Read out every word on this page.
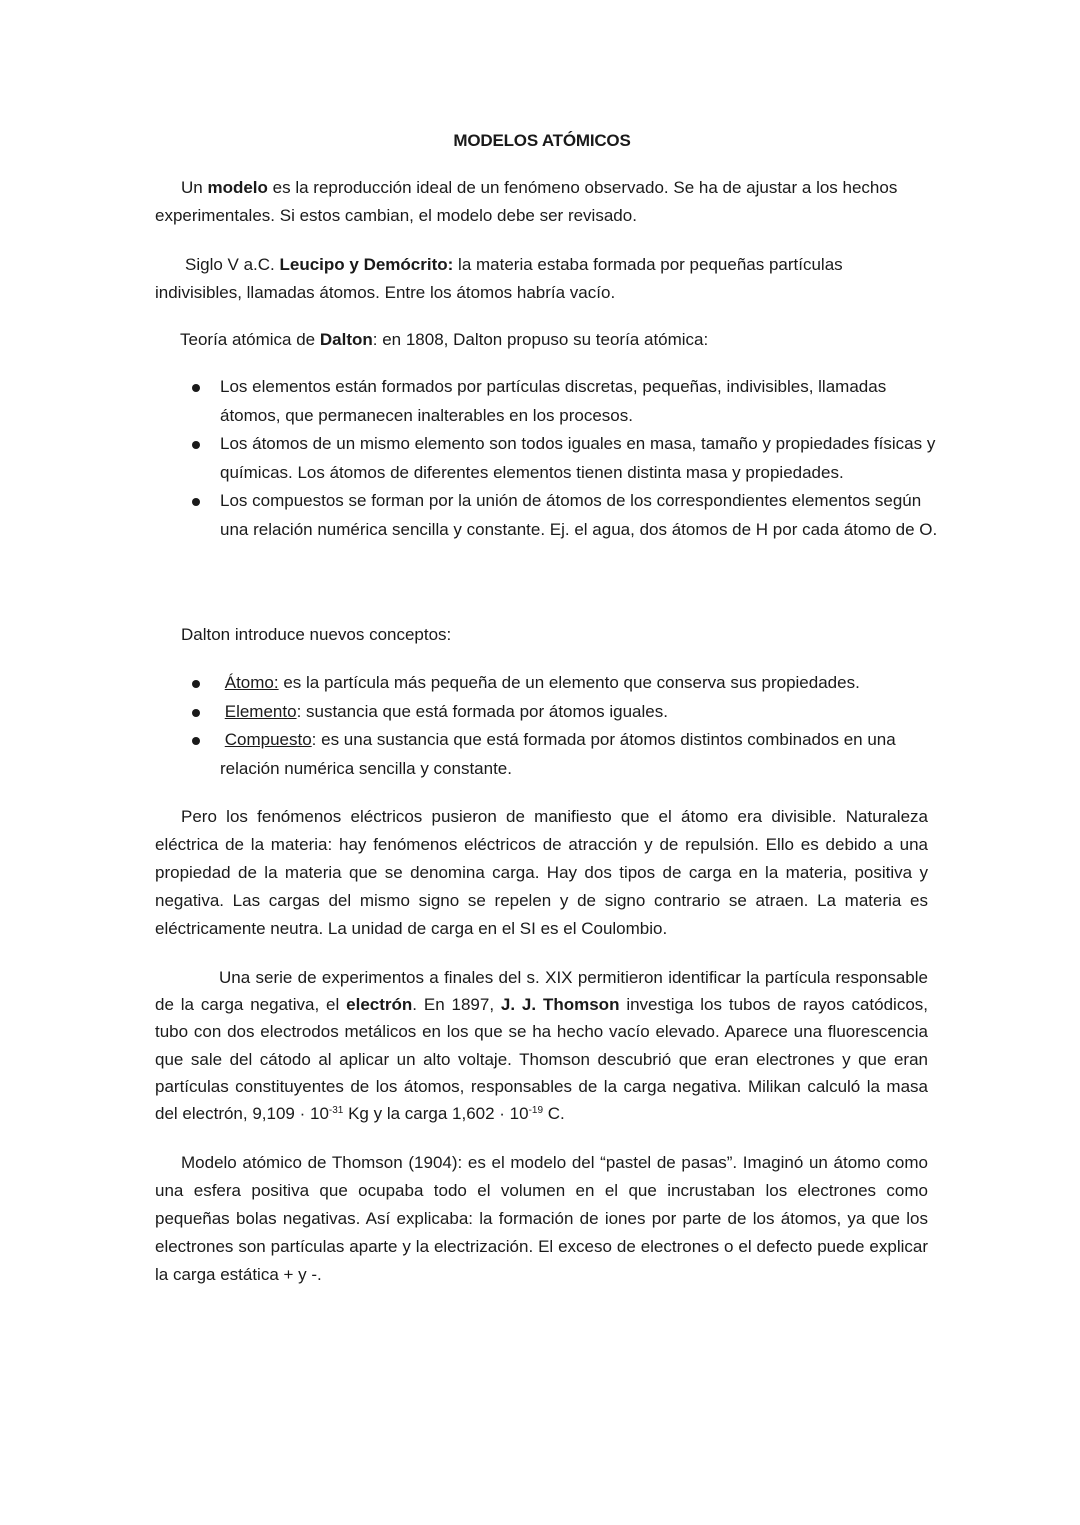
MODELOS ATÓMICOS

Un modelo es la reproducción ideal de un fenómeno observado. Se ha de ajustar a los hechos experimentales. Si estos cambian, el modelo debe ser revisado.

Siglo V a.C. Leucipo y Demócrito: la materia estaba formada por pequeñas partículas indivisibles, llamadas átomos. Entre los átomos habría vacío.

Teoría atómica de Dalton: en 1808, Dalton propuso su teoría atómica:

Los elementos están formados por partículas discretas, pequeñas, indivisibles, llamadas átomos, que permanecen inalterables en los procesos.
Los átomos de un mismo elemento son todos iguales en masa, tamaño y propiedades físicas y químicas. Los átomos de diferentes elementos tienen distinta masa y propiedades.
Los compuestos se forman por la unión de átomos de los correspondientes elementos según una relación numérica sencilla y constante. Ej. el agua, dos átomos de H por cada átomo de O.

Dalton introduce nuevos conceptos:

Átomo: es la partícula más pequeña de un elemento que conserva sus propiedades.
Elemento: sustancia que está formada por átomos iguales.
Compuesto: es una sustancia que está formada por átomos distintos combinados en una relación numérica sencilla y constante.

Pero los fenómenos eléctricos pusieron de manifiesto que el átomo era divisible. Naturaleza eléctrica de la materia: hay fenómenos eléctricos de atracción y de repulsión. Ello es debido a una propiedad de la materia que se denomina carga. Hay dos tipos de carga en la materia, positiva y negativa. Las cargas del mismo signo se repelen y de signo contrario se atraen. La materia es eléctricamente neutra. La unidad de carga en el SI es el Coulombio.

Una serie de experimentos a finales del s. XIX permitieron identificar la partícula responsable de la carga negativa, el electrón. En 1897, J. J. Thomson investiga los tubos de rayos catódicos, tubo con dos electrodos metálicos en los que se ha hecho vacío elevado. Aparece una fluorescencia que sale del cátodo al aplicar un alto voltaje. Thomson descubrió que eran electrones y que eran partículas constituyentes de los átomos, responsables de la carga negativa. Milikan calculó la masa del electrón, $9,109 \cdot 10^{-31}$ Kg y la carga $1,602 \cdot 10^{-19}$ C.

Modelo atómico de Thomson (1904): es el modelo del “pastel de pasas”. Imaginó un átomo como una esfera positiva que ocupaba todo el volumen en el que incrustaban los electrones como pequeñas bolas negativas. Así explicaba: la formación de iones por parte de los átomos, ya que los electrones son partículas aparte y la electrización. El exceso de electrones o el defecto puede explicar la carga estática + y -.
